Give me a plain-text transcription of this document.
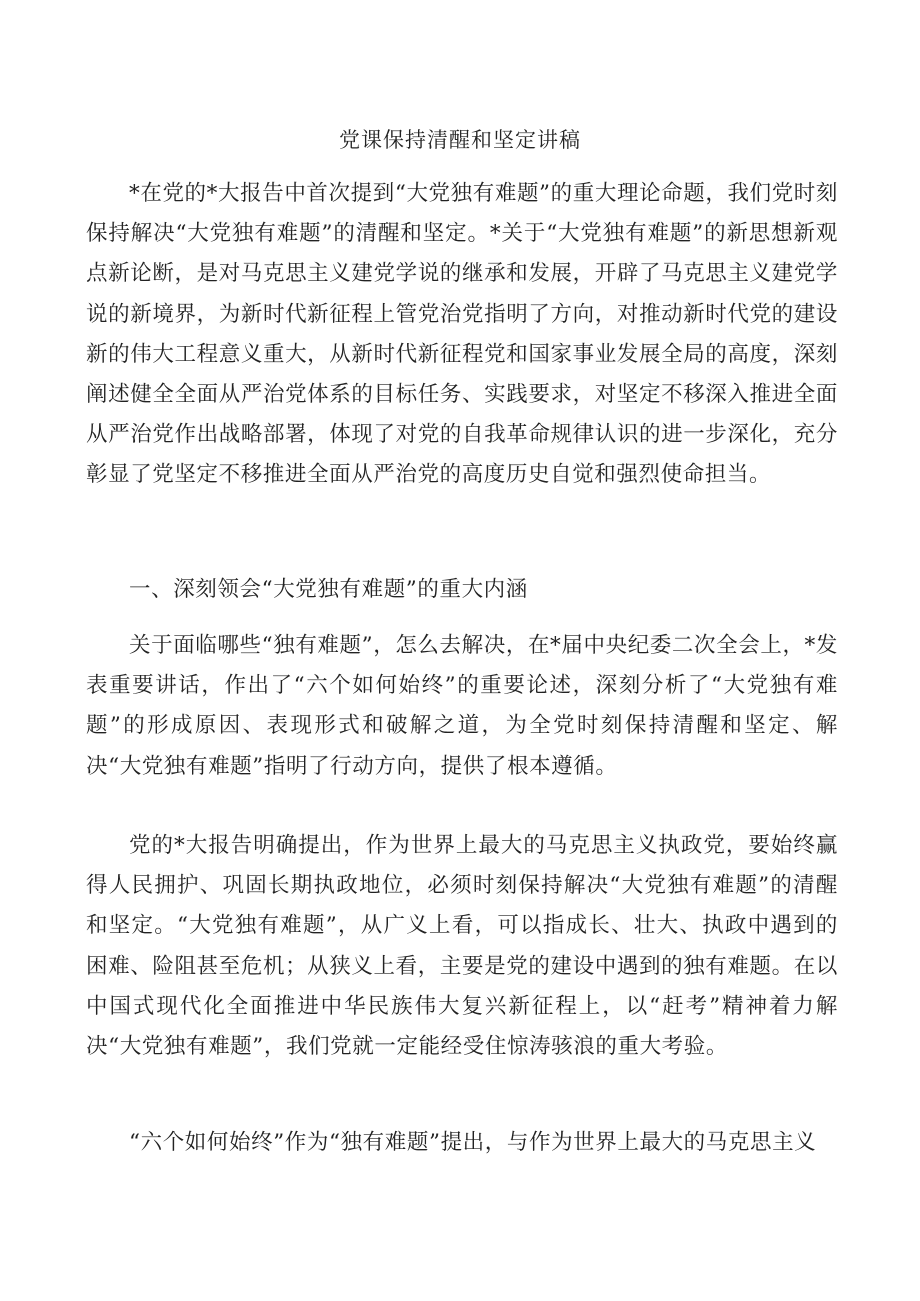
党课保持清醒和坚定讲稿

*在党的*大报告中首次提到“大党独有难题”的重大理论命题，我们党时刻保持解决“大党独有难题”的清醒和坚定。*关于“大党独有难题”的新思想新观点新论断，是对马克思主义建党学说的继承和发展，开辟了马克思主义建党学说的新境界，为新时代新征程上管党治党指明了方向，对推动新时代党的建设新的伟大工程意义重大，从新时代新征程党和国家事业发展全局的高度，深刻阐述健全全面从严治党体系的目标任务、实践要求，对坚定不移深入推进全面从严治党作出战略部署，体现了对党的自我革命规律认识的进一步深化，充分彰显了党坚定不移推进全面从严治党的高度历史自觉和强烈使命担当。

一、深刻领会“大党独有难题”的重大内涵

关于面临哪些“独有难题”，怎么去解决，在*届中央纪委二次全会上，*发表重要讲话，作出了“六个如何始终”的重要论述，深刻分析了“大党独有难题”的形成原因、表现形式和破解之道，为全党时刻保持清醒和坚定、解决“大党独有难题”指明了行动方向，提供了根本遵循。

党的*大报告明确提出，作为世界上最大的马克思主义执政党，要始终赢得人民拥护、巩固长期执政地位，必须时刻保持解决“大党独有难题”的清醒和坚定。“大党独有难题”，从广义上看，可以指成长、壮大、执政中遇到的困难、险阻甚至危机；从狭义上看，主要是党的建设中遇到的独有难题。在以中国式现代化全面推进中华民族伟大复兴新征程上，以“赶考”精神着力解决“大党独有难题”，我们党就一定能经受住惊涛骇浪的重大考验。

“六个如何始终”作为“独有难题”提出，与作为世界上最大的马克思主义
